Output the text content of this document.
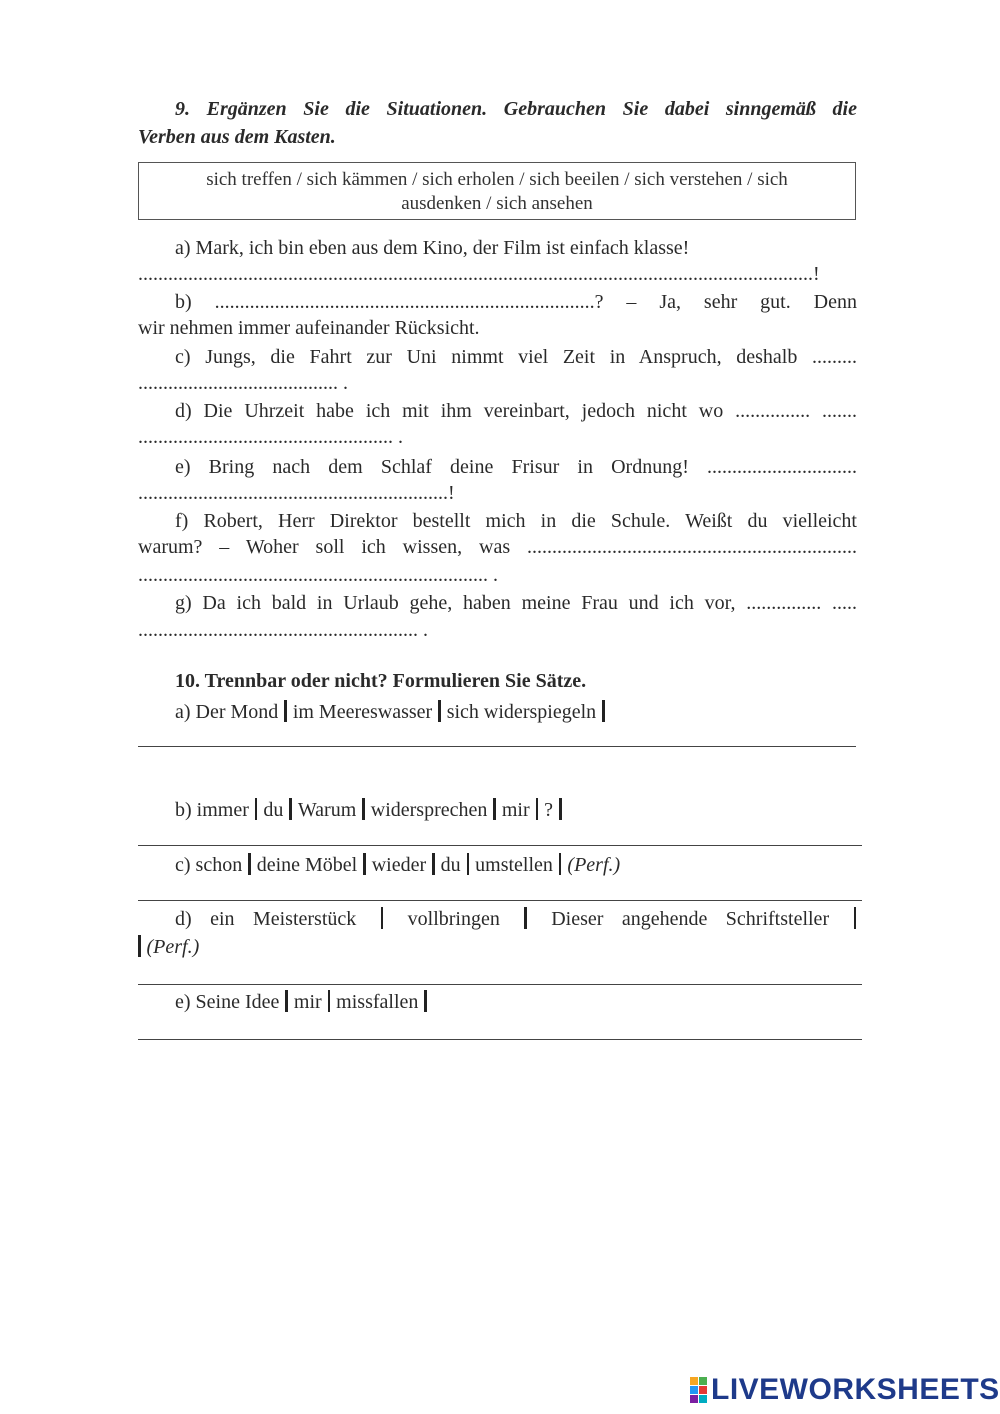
9. Ergänzen Sie die Situationen. Gebrauchen Sie dabei sinngemäß die
Verben aus dem Kasten.
sich treffen / sich kämmen / sich erholen / sich beeilen / sich verstehen / sich
ausdenken / sich ansehen
a) Mark, ich bin eben aus dem Kino, der Film ist einfach klasse!
.......................................................................................................................................!
b) ............................................................................? – Ja, sehr gut. Denn
wir nehmen immer aufeinander Rücksicht.
c) Jungs, die Fahrt zur Uni nimmt viel Zeit in Anspruch, deshalb .........
........................................ .
d) Die Uhrzeit habe ich mit ihm vereinbart, jedoch nicht wo ............... .......
................................................... .
e) Bring nach dem Schlaf deine Frisur in Ordnung! ..............................
..............................................................!
f) Robert, Herr Direktor bestellt mich in die Schule. Weißt du vielleicht
warum? – Woher soll ich wissen, was ..................................................................
...................................................................... .
g) Da ich bald in Urlaub gehe, haben meine Frau und ich vor, ............... .....
........................................................ .
10. Trennbar oder nicht? Formulieren Sie Sätze.
a) Der Mond im Meereswasser sich widerspiegeln
b) immer du Warum widersprechen mir ?
c) schon deine Möbel wieder du umstellen (Perf.)
d) ein Meisterstück	vollbringen	Dieser angehende Schriftsteller
(Perf.)
e) Seine Idee mir missfallen
LIVEWORKSHEETS
